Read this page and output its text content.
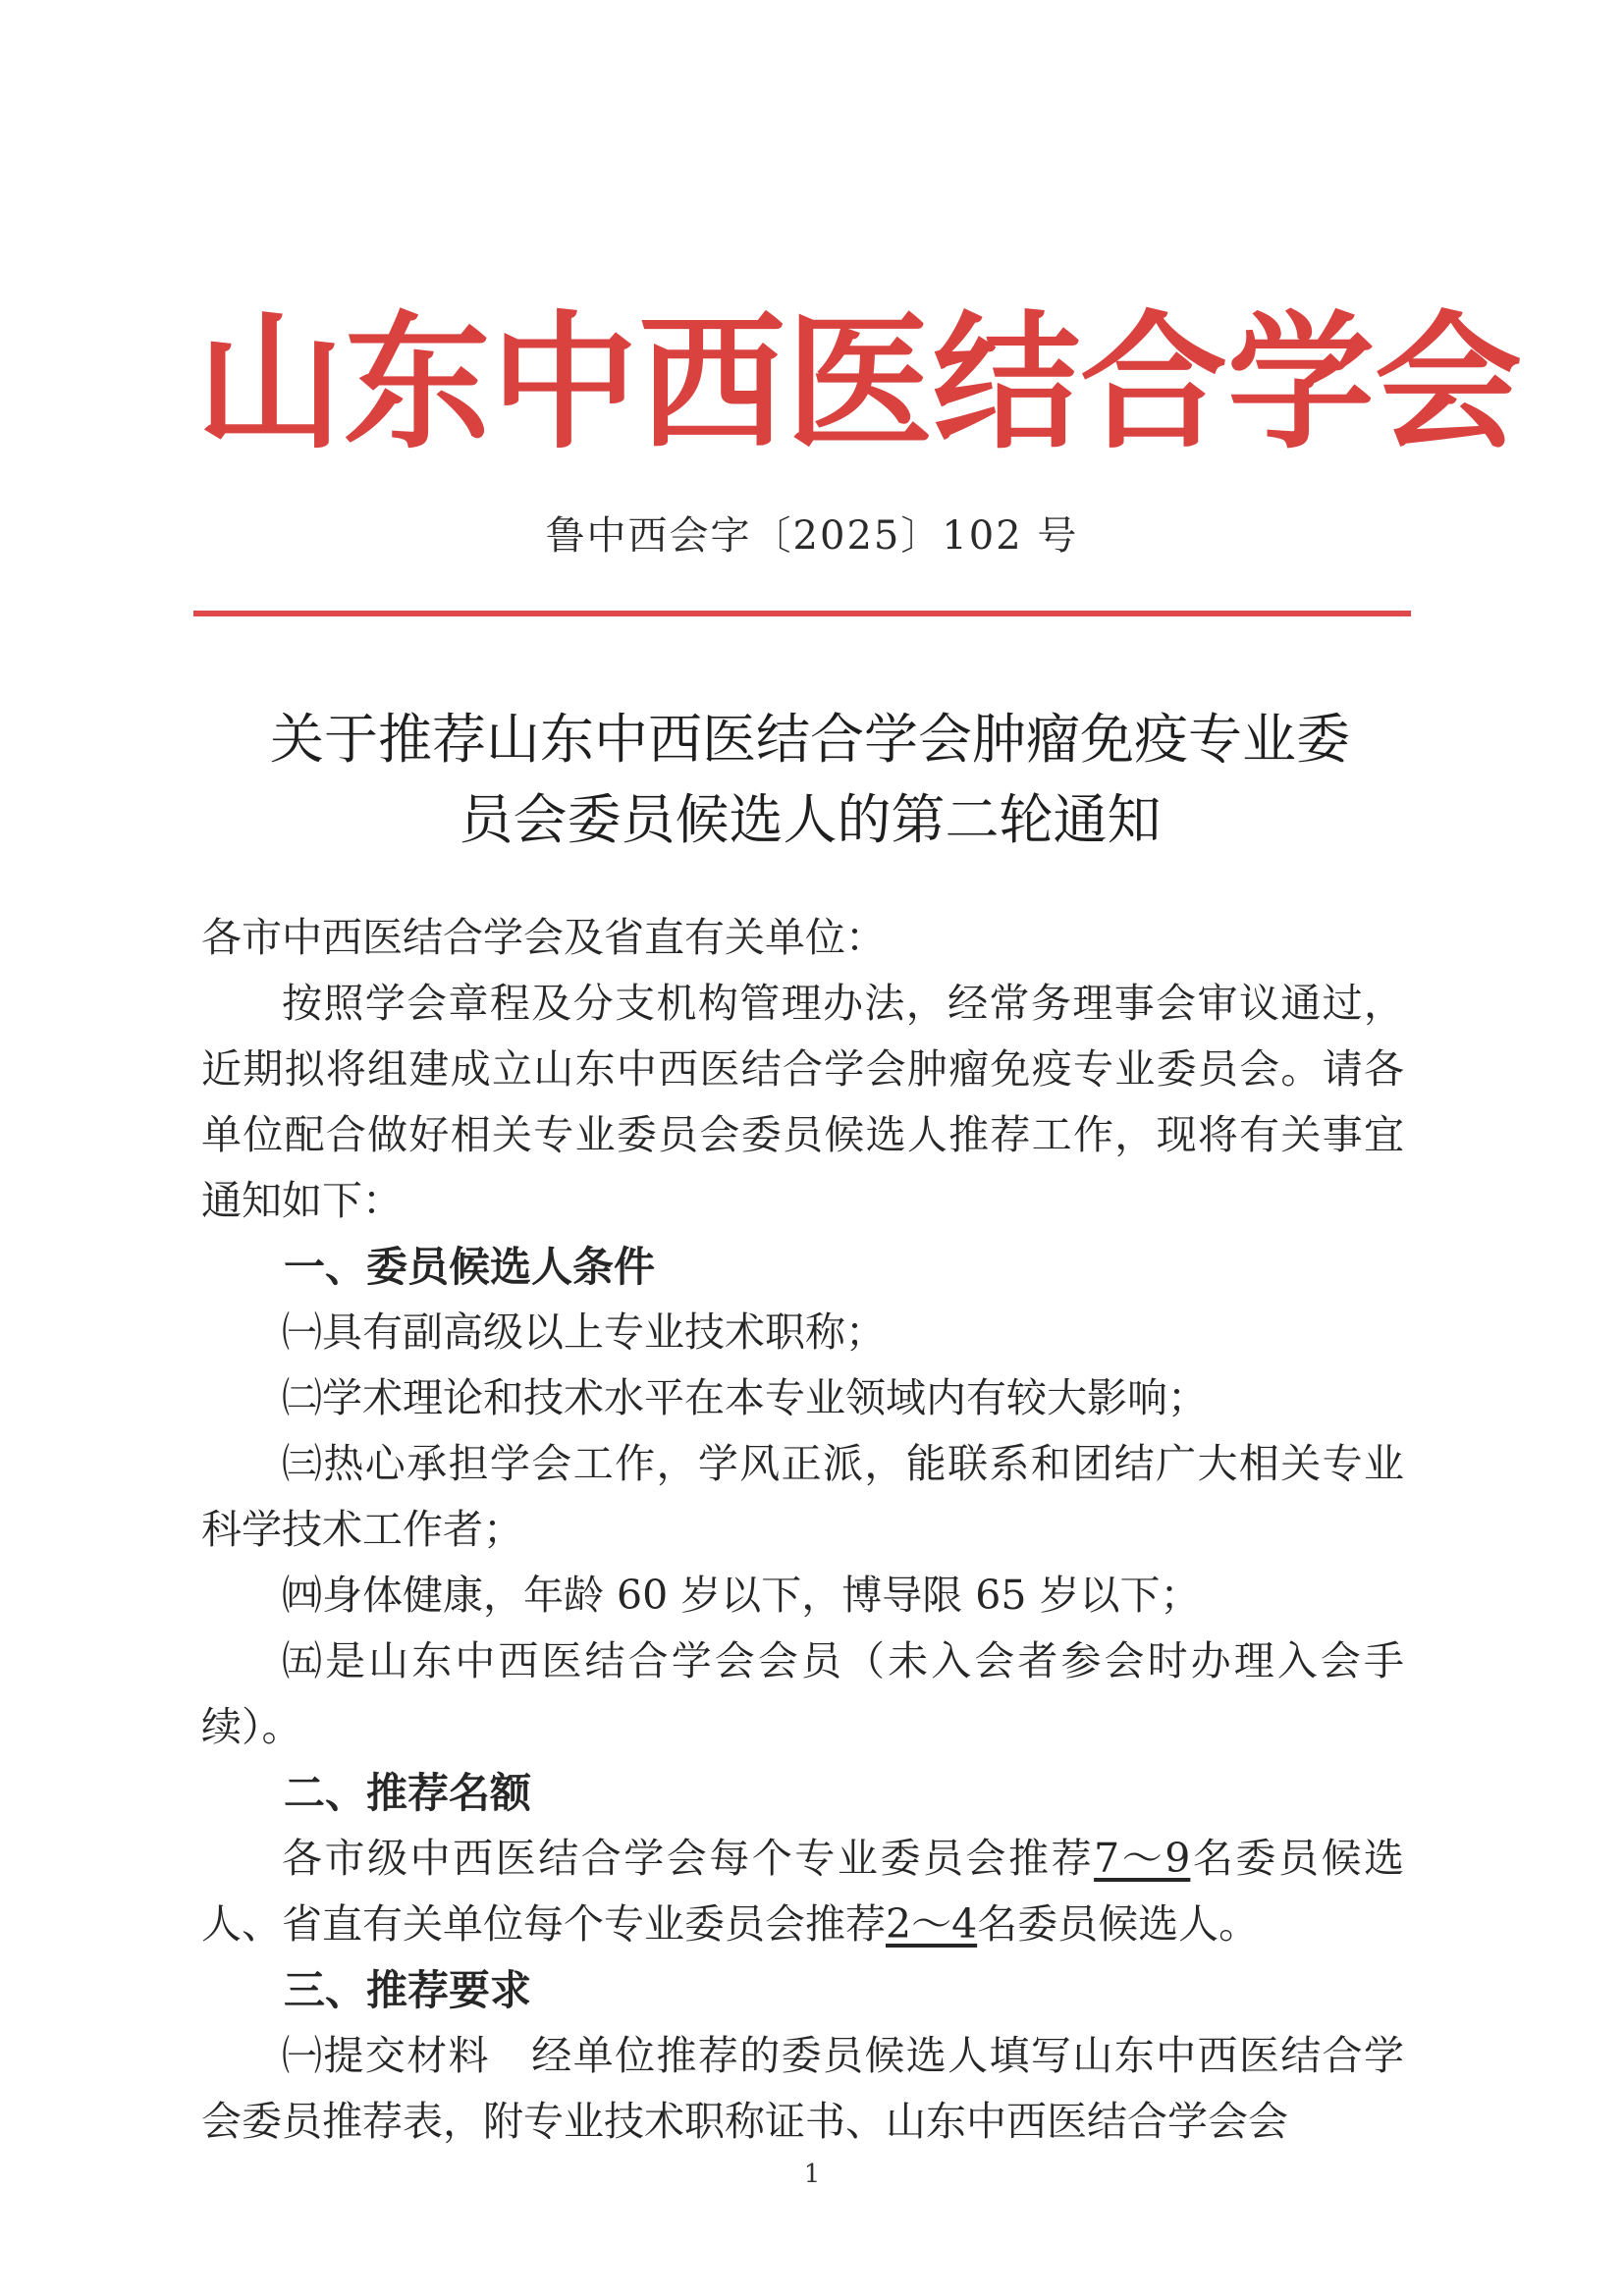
山东中西医结合学会
鲁中西会字〔2025〕102 号
关于推荐山东中西医结合学会肿瘤免疫专业委
员会委员候选人的第二轮通知

各市中西医结合学会及省直有关单位：

按照学会章程及分支机构管理办法，经常务理事会审议通过，近期拟将组建成立山东中西医结合学会肿瘤免疫专业委员会。请各单位配合做好相关专业委员会委员候选人推荐工作，现将有关事宜通知如下：

一、委员候选人条件

㈠具有副高级以上专业技术职称；

㈡学术理论和技术水平在本专业领域内有较大影响；

㈢热心承担学会工作，学风正派，能联系和团结广大相关专业科学技术工作者；

㈣身体健康，年龄 60 岁以下，博导限 65 岁以下；

㈤是山东中西医结合学会会员（未入会者参会时办理入会手续）。

二、推荐名额

各市级中西医结合学会每个专业委员会推荐7～9名委员候选人、省直有关单位每个专业委员会推荐2～4名委员候选人。

三、推荐要求

㈠提交材料　经单位推荐的委员候选人填写山东中西医结合学会委员推荐表，附专业技术职称证书、山东中西医结合学会会

1
